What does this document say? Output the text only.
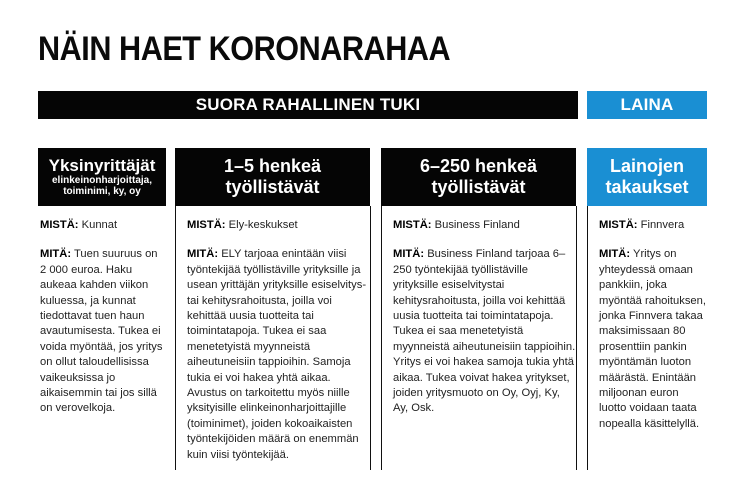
NÄIN HAET KORONARAHAA
SUORA RAHALLINEN TUKI	LAINA
Yksinyrittäjät
elinkeinonharjoittaja, toiminimi, ky, oy

MISTÄ: Kunnat

MITÄ: Tuen suuruus on 2 000 euroa. Haku aukeaa kahden viikon kuluessa, ja kunnat tiedottavat tuen haun avautumisesta. Tukea ei voida myöntää, jos yritys on ollut taloudellisissa vaikeuksissa jo aikaisemmin tai jos sillä on verovelkoja.

1–5 henkeä
työllistävät

MISTÄ: Ely-keskukset

MITÄ: ELY tarjoaa enintään viisi työntekijää työllistäville yrityksille ja usean yrittäjän yrityksille esiselvitys- tai kehitysrahoitusta, joilla voi kehittää uusia tuotteita tai toimintatapoja. Tukea ei saa menetetyistä myynneistä aiheutuneisiin tappioihin. Samoja tukia ei voi hakea yhtä aikaa. Avustus on tarkoitettu myös niille yksityisille elinkeinonharjoittajille (toiminimet), joiden kokoaikaisten työntekijöiden määrä on enemmän kuin viisi työntekijää.

6–250 henkeä
työllistävät

MISTÄ: Business Finland

MITÄ: Business Finland tarjoaa 6–250 työntekijää työllistäville yrityksille esiselvitystai kehitysrahoitusta, joilla voi kehittää uusia tuotteita tai toimintatapoja. Tukea ei saa menetetyistä myynneistä aiheutuneisiin tappioihin. Yritys ei voi hakea samoja tukia yhtä aikaa. Tukea voivat hakea yritykset, joiden yritysmuoto on Oy, Oyj, Ky, Ay, Osk.

Lainojen
takaukset

MISTÄ: Finnvera

MITÄ: Yritys on yhteydessä omaan pankkiin, joka myöntää rahoituksen, jonka Finnvera takaa maksimissaan 80 prosenttiin pankin myöntämän luoton määrästä. Enintään miljoonan euron luotto voidaan taata nopealla käsittelyllä.
